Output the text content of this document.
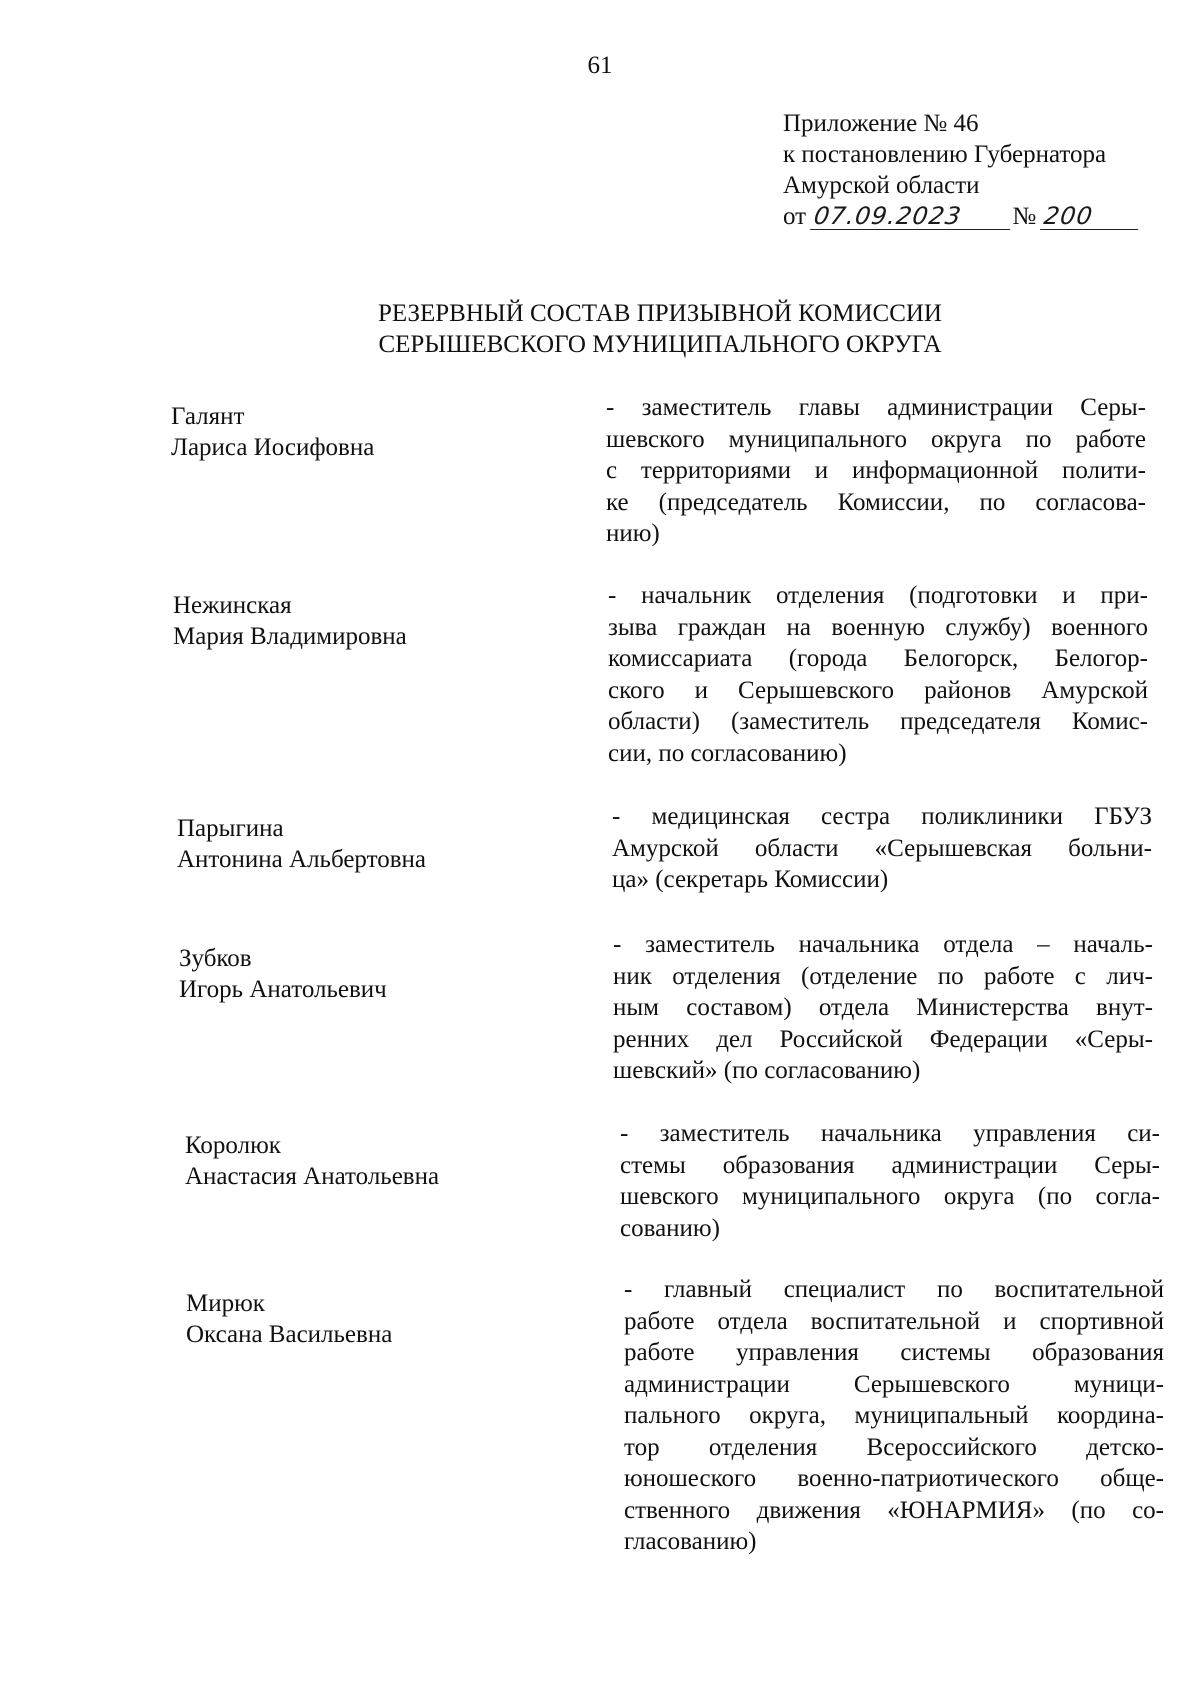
61
Приложение № 46
к постановлению Губернатора
Амурской области
от 07.09.2023 № 200
РЕЗЕРВНЫЙ СОСТАВ ПРИЗЫВНОЙ КОМИССИИ
СЕРЫШЕВСКОГО МУНИЦИПАЛЬНОГО ОКРУГА
Галянт
Лариса Иосифовна
- заместитель главы администрации Серы-
шевского муниципального округа по работе
с территориями и информационной полити-
ке (председатель Комиссии, по согласова-
нию)
Нежинская
Мария Владимировна
- начальник отделения (подготовки и при-
зыва граждан на военную службу) военного
комиссариата (города Белогорск, Белогор-
ского и Серышевского районов Амурской
области) (заместитель председателя Комис-
сии, по согласованию)
Парыгина
Антонина Альбертовна
- медицинская сестра поликлиники ГБУЗ
Амурской области «Серышевская больни-
ца» (секретарь Комиссии)
Зубков
Игорь Анатольевич
- заместитель начальника отдела – началь-
ник отделения (отделение по работе с лич-
ным составом) отдела Министерства внут-
ренних дел Российской Федерации «Серы-
шевский» (по согласованию)
Королюк
Анастасия Анатольевна
- заместитель начальника управления си-
стемы образования администрации Серы-
шевского муниципального округа (по согла-
сованию)
Мирюк
Оксана Васильевна
- главный специалист по воспитательной
работе отдела воспитательной и спортивной
работе управления системы образования
администрации Серышевского муници-
пального округа, муниципальный координа-
тор отделения Всероссийского детско-
юношеского военно-патриотического обще-
ственного движения «ЮНАРМИЯ» (по со-
гласованию)
